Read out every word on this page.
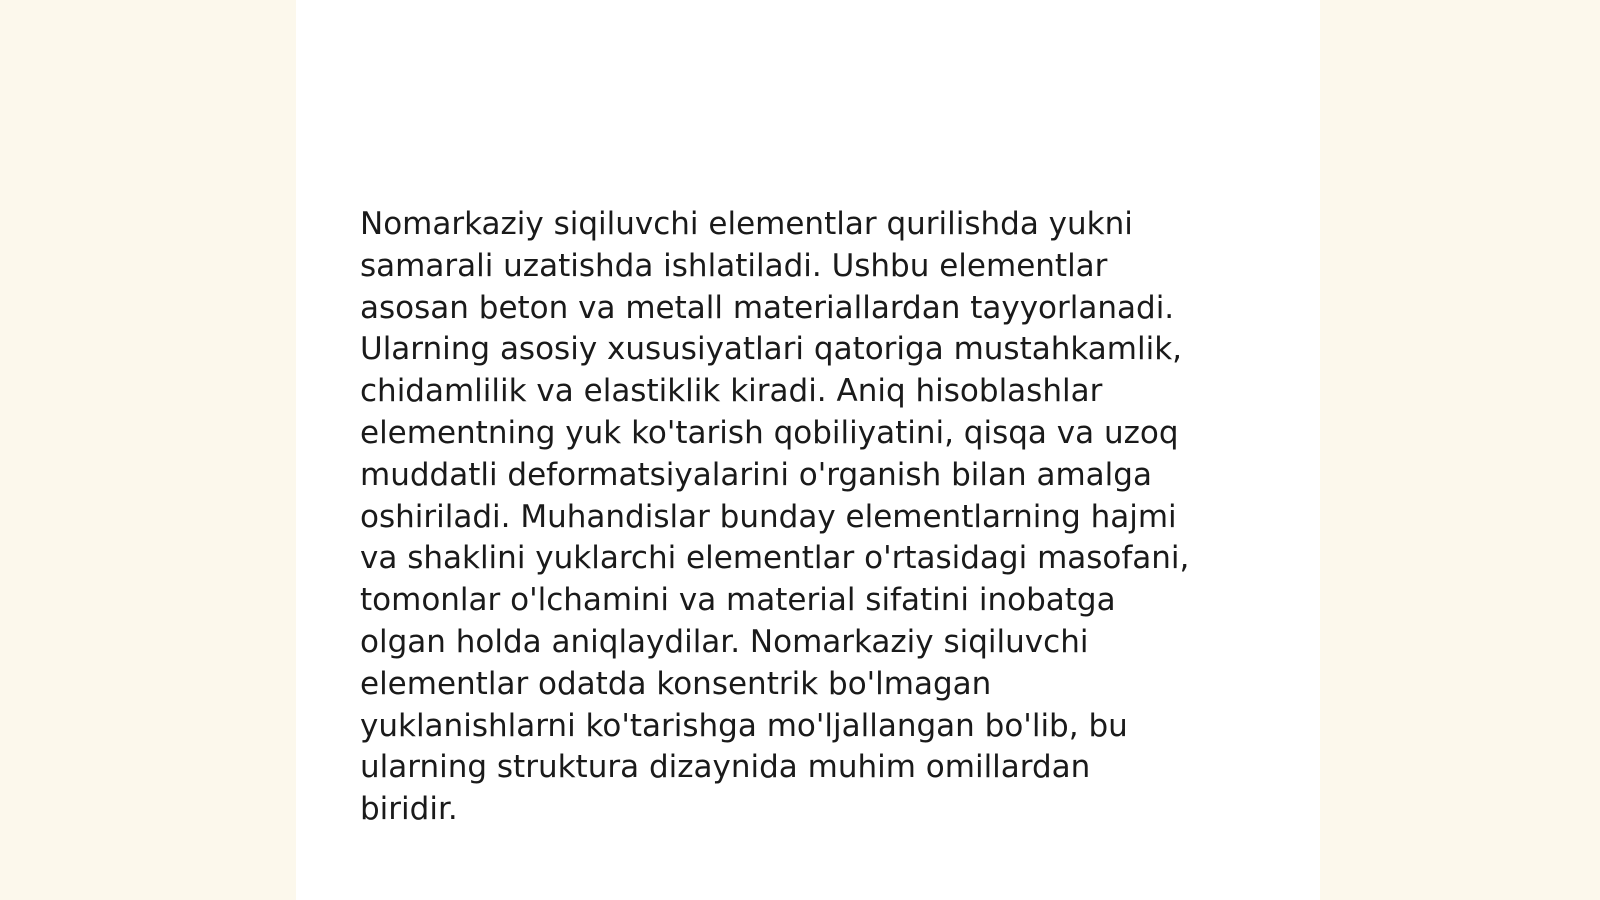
Nomarkaziy siqiluvchi elementlar qurilishda yukni
samarali uzatishda ishlatiladi. Ushbu elementlar
asosan beton va metall materiallardan tayyorlanadi.
Ularning asosiy xususiyatlari qatoriga mustahkamlik,
chidamlilik va elastiklik kiradi. Aniq hisoblashlar
elementning yuk ko'tarish qobiliyatini, qisqa va uzoq
muddatli deformatsiyalarini o'rganish bilan amalga
oshiriladi. Muhandislar bunday elementlarning hajmi
va shaklini yuklarchi elementlar o'rtasidagi masofani,
tomonlar o'lchamini va material sifatini inobatga
olgan holda aniqlaydilar. Nomarkaziy siqiluvchi
elementlar odatda konsentrik bo'lmagan
yuklanishlarni ko'tarishga mo'ljallangan bo'lib, bu
ularning struktura dizaynida muhim omillardan
biridir.
